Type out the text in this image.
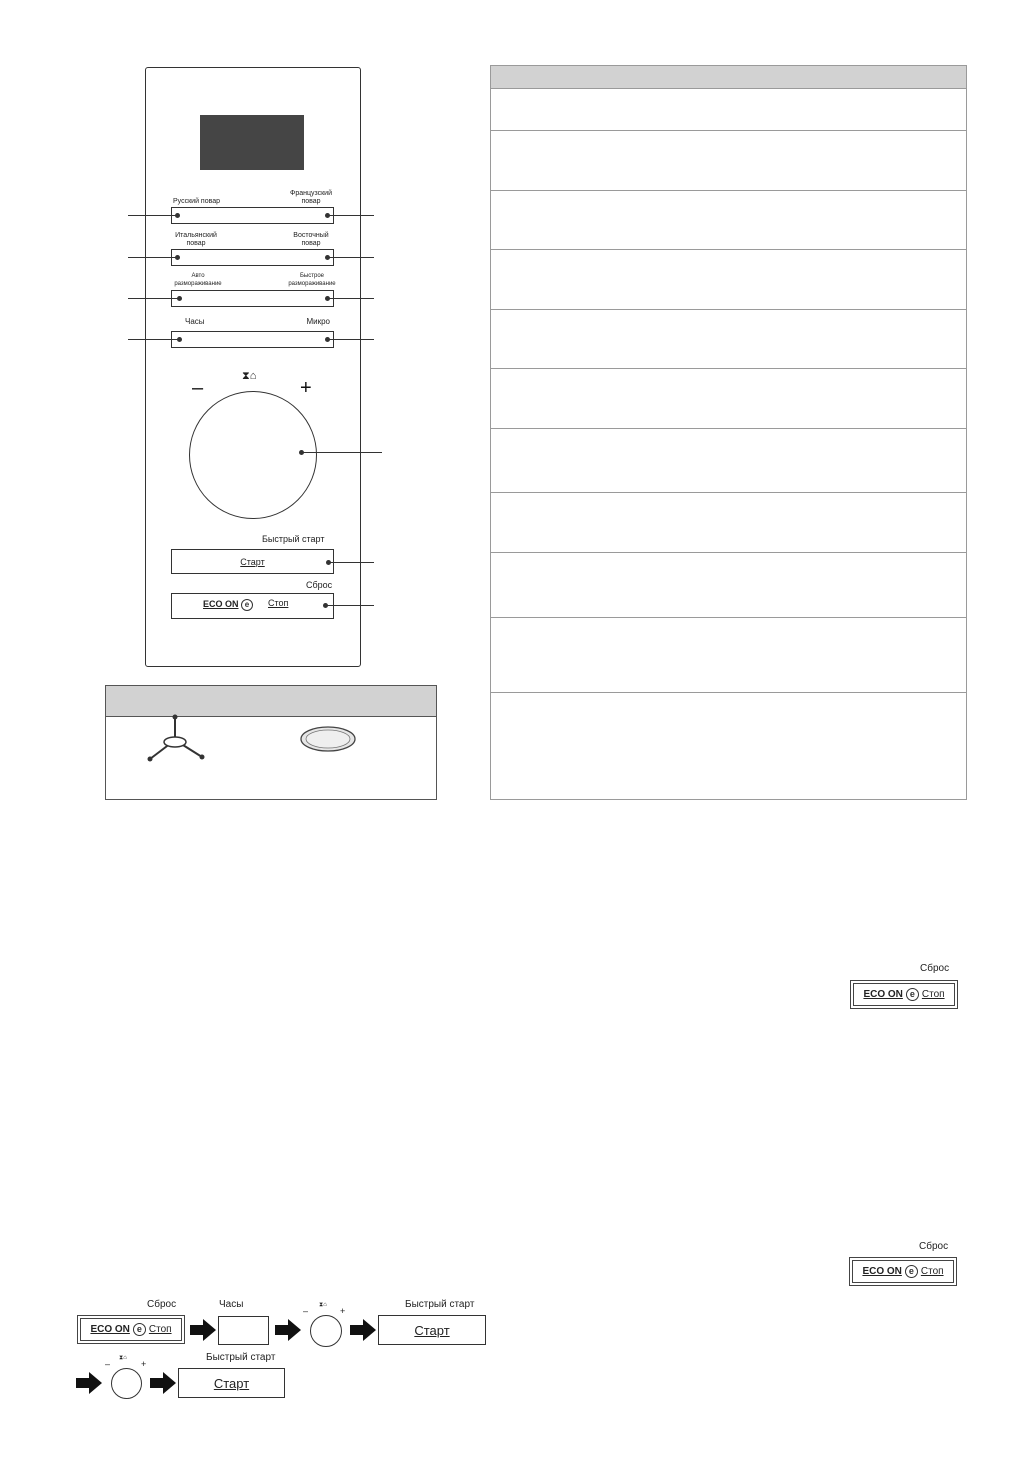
Русский повар
Французский
повар
Итальянский
повар
Восточный
повар
Авто
размораживание
Быстрое
размораживание
Часы	Микро
–
⧗⌂
+
Быстрый старт
Старт
Сброс
ECO ON e	Стоп
Сброс
ECO ON e Стоп
Сброс
ECO ON e Стоп
Сброс
ECO ON e Стоп
Часы
–
⧗⌂
+
Быстрый старт
Старт
–
⧗⌂
+
Быстрый старт
Старт
